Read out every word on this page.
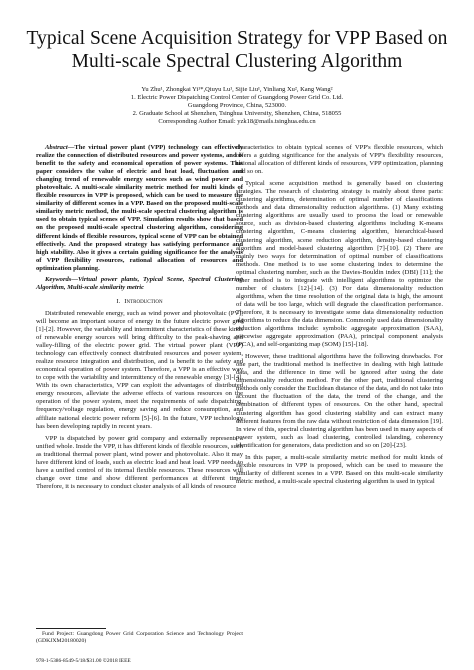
Typical Scene Acquisition Strategy for VPP Based on Multi-scale Spectral Clustering Algorithm
Yu Zhu¹, Zhongkai Yi¹*,Qiuyu Lu¹, Sijie Liu¹, Yinliang Xu², Kang Wang²
1. Electric Power Dispatching Control Center of Guangdong Power Grid Co. Ltd.
Guangdong Province, China, 523000.
2. Graduate School at Shenzhen, Tsinghua University, Shenzhen, China, 518055
Corresponding Author Email: yzk18@mails.tsinghua.edu.cn
Abstract—The virtual power plant (VPP) technology can effectively realize the connection of distributed resources and power systems, and is benefit to the safety and economical operation of power systems. This paper considers the value of electric and heat load, fluctuation and changing trend of renewable energy sources such as wind power and photovoltaic. A multi-scale similarity metric method for multi kinds of flexible resources in VPP is proposed, which can be used to measure the similarity of different scenes in a VPP. Based on the proposed multi-scale similarity metric method, the multi-scale spectral clustering algorithm is used to obtain typical scenes of VPP. Simulation results show that based on the proposed multi-scale spectral clustering algorithm, considering different kinds of flexible resources, typical scene of VPP can be obtained effectively. And the proposed strategy has satisfying performance and high stability. Also it gives a certain guiding significance for the analysis of VPP flexibility resources, rational allocation of resources and optimization planning.
Keywords—Virtual power plants, Typical Scene, Spectral Clustering Algorithm, Multi-scale similarity metric
I. Introduction

Distributed renewable energy, such as wind power and photovoltaic (PV), will become an important source of energy in the future electric power grid [1]-[2]. However, the variability and intermittent characteristics of these kinds of renewable energy sources will bring difficulty to the peak-shaving and valley-filling of the electric power grid. The virtual power plant (VPP) technology can effectively connect distributed resources and power system, realize resource integration and distribution, and is benefit to the safety and economical operation of power system. Therefore, a VPP is an effective way to cope with the variability and intermittency of the renewable energy [3]-[4]. With its own characteristics, VPP can exploit the advantages of distributed energy resources, alleviate the adverse effects of various resources on the operation of the power system, meet the requirements of safe dispatching, frequency/voltage regulation, energy saving and reduce consumption, and affiliate national electric power reform [5]-[6]. In the future, VPP technology has been developing rapidly in recent years.

VPP is dispatched by power grid company and externally represents a unified whole. Inside the VPP, it has different kinds of flexible resources, such as traditional thermal power plant, wind power and photovoltaic. Also it may have different kind of loads, such as electric load and heat load. VPP needs to have a unified control of its internal flexible resources. These resources will change over time and show different performances at different time. Therefore, it is necessary to conduct cluster analysis of all kinds of resource

characteristics to obtain typical scenes of VPP's flexible resources, which offers a guiding significance for the analysis of VPP's flexibility resources, rational allocation of different kinds of resources, VPP optimization, planning and so on.

Typical scene acquisition method is generally based on clustering strategies. The research of clustering strategy is mainly about three parts: clustering algorithms, determination of optimal number of classifications methods and data dimensionality reduction algorithms. (1) Many existing clustering algorithms are usually used to process the load or renewable source, such as division-based clustering algorithms including K-means clustering algorithm, C-means clustering algorithm, hierarchical-based clustering algorithm, scene reduction algorithm, density-based clustering algorithm and model-based clustering algorithm [7]-[10]. (2) There are mainly two ways for determination of optimal number of classifications methods. One method is to use some clustering index to determine the optimal clustering number, such as the Davies-Bouldin index (DBI) [11]; the other method is to integrate with intelligent algorithms to optimize the number of clusters [12]-[14]. (3) For data dimensionality reduction algorithms, when the time resolution of the original data is high, the amount of data will be too large, which will degrade the classification performance. Therefore, it is necessary to investigate some data dimensionality reduction algorithms to reduce the data dimension. Commonly used data dimensionality reduction algorithms include: symbolic aggregate approximation (SAA), piecewise aggregate approximation (PAA), principal component analysis (PCA), and self-organizing map (SOM) [15]-[18].

However, these traditional algorithms have the following drawbacks. For one part, the traditional method is ineffective in dealing with high latitude data, and the difference in time will be ignored after using the date dimensionality reduction method. For the other part, traditional clustering methods only consider the Euclidean distance of the data, and do not take into account the fluctuation of the data, the trend of the change, and the combination of different types of resources. On the other hand, spectral clustering algorithm has good clustering stability and can extract many different features from the raw data without restriction of data dimension [19]. In view of this, spectral clustering algorithm has been used in many aspects of power system, such as load clustering, controlled islanding, coherency identification for generators, data prediction and so on [20]-[23].

In this paper, a multi-scale similarity metric method for multi kinds of flexible resources in VPP is proposed, which can be used to measure the similarity of different scenes in a VPP. Based on this multi-scale similarity metric method, a multi-scale spectral clustering algorithm is used in typical

Fund Project: Guangdong Power Grid Corporation Science and Technology Project (GDKJXM20180020)
978-1-5386-8549-5/18/$31.00 ©2018 IEEE
